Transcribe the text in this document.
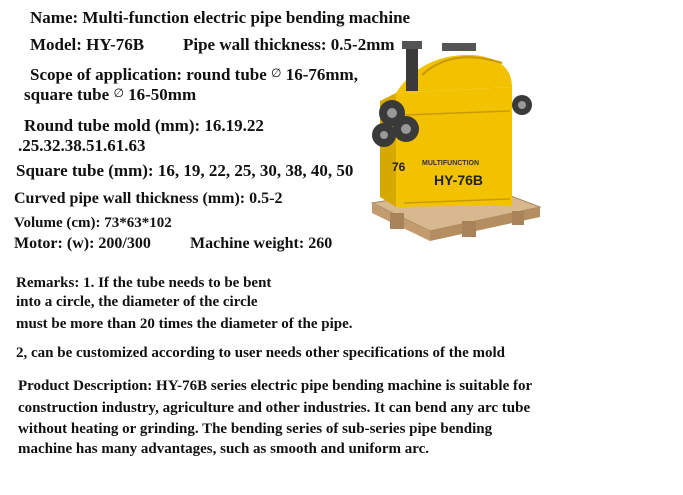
76 MULTIFUNCTION
HY-76B
Name: Multi-function electric pipe bending machine
Model: HY-76B Pipe wall thickness: 0.5-2mm
Scope of application: round tube ∅ 16-76mm,
square tube ∅ 16-50mm
Round tube mold (mm): 16.19.22
.25.32.38.51.61.63
Square tube (mm): 16, 19, 22, 25, 30, 38, 40, 50
Curved pipe wall thickness (mm): 0.5-2
Volume (cm): 73*63*102
Motor: (w): 200/300 Machine weight: 260
Remarks: 1. If the tube needs to be bent
into a circle, the diameter of the circle
must be more than 20 times the diameter of the pipe.
2, can be customized according to user needs other specifications of the mold
Product Description: HY-76B series electric pipe bending machine is suitable for
construction industry, agriculture and other industries. It can bend any arc tube
without heating or grinding. The bending series of sub-series pipe bending
machine has many advantages, such as smooth and uniform arc.
